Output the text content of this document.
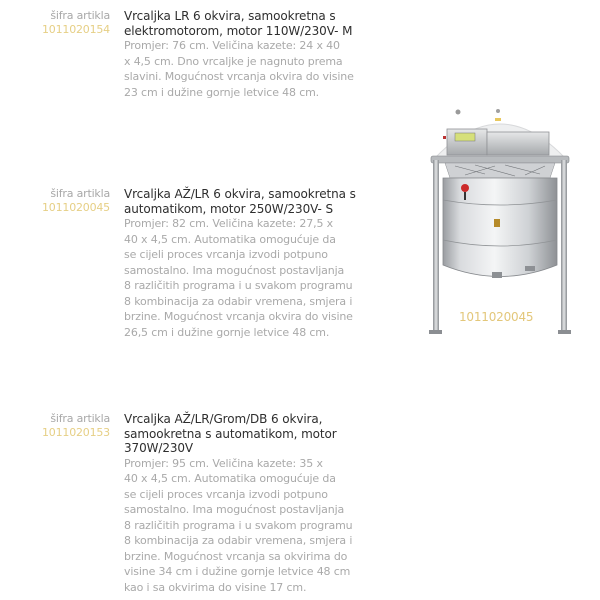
šifra artikla
1011020154
Vrcaljka LR 6 okvira, samookretna s
elektromotorom, motor 110W/230V- M
Promjer: 76 cm. Veličina kazete: 24 x 40
x 4,5 cm. Dno vrcaljke je nagnuto prema
slavini. Mogućnost vrcanja okvira do visine
23 cm i dužine gornje letvice 48 cm.
šifra artikla
1011020045
Vrcaljka AŽ/LR 6 okvira, samookretna s
automatikom, motor 250W/230V- S
Promjer: 82 cm. Veličina kazete: 27,5 x
40 x 4,5 cm. Automatika omogućuje da
se cijeli proces vrcanja izvodi potpuno
samostalno. Ima mogućnost postavljanja
8 različitih programa i u svakom programu
8 kombinacija za odabir vremena, smjera i
brzine. Mogućnost vrcanja okvira do visine
26,5 cm i dužine gornje letvice 48 cm.
šifra artikla
1011020153
Vrcaljka AŽ/LR/Grom/DB 6 okvira,
samookretna s automatikom, motor
370W/230V
Promjer: 95 cm. Veličina kazete: 35 x
40 x 4,5 cm. Automatika omogućuje da
se cijeli proces vrcanja izvodi potpuno
samostalno. Ima mogućnost postavljanja
8 različitih programa i u svakom programu
8 kombinacija za odabir vremena, smjera i
brzine. Mogućnost vrcanja sa okvirima do
visine 34 cm i dužine gornje letvice 48 cm
kao i sa okvirima do visine 17 cm.
1011020045
